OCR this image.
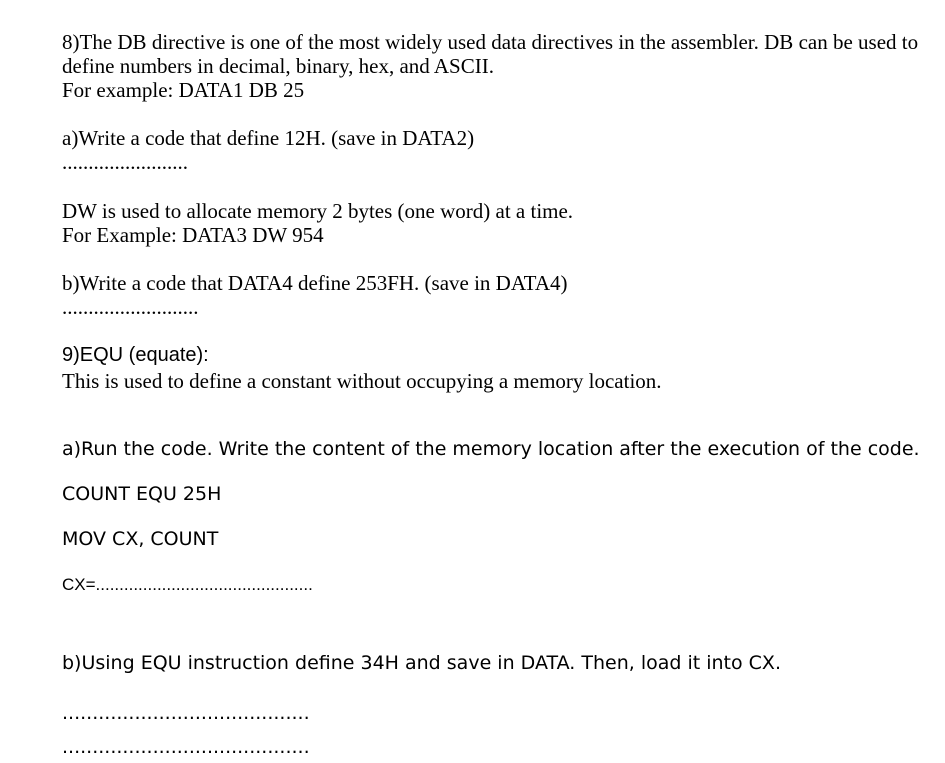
8)The DB directive is one of the most widely used data directives in the assembler. DB can be used to
define numbers in decimal, binary, hex, and ASCII.
For example: DATA1 DB 25
a)Write a code that define 12H. (save in DATA2)
........................
DW is used to allocate memory 2 bytes (one word) at a time.
For Example: DATA3 DW 954
b)Write a code that DATA4 define 253FH. (save in DATA4)
..........................
9)EQU (equate):
This is used to define a constant without occupying a memory location.
a)Run the code. Write the content of the memory location after the execution of the code.
COUNT EQU 25H
MOV CX, COUNT
CX=..............................................
b)Using EQU instruction define 34H and save in DATA. Then, load it into CX.
.........................................
.........................................
